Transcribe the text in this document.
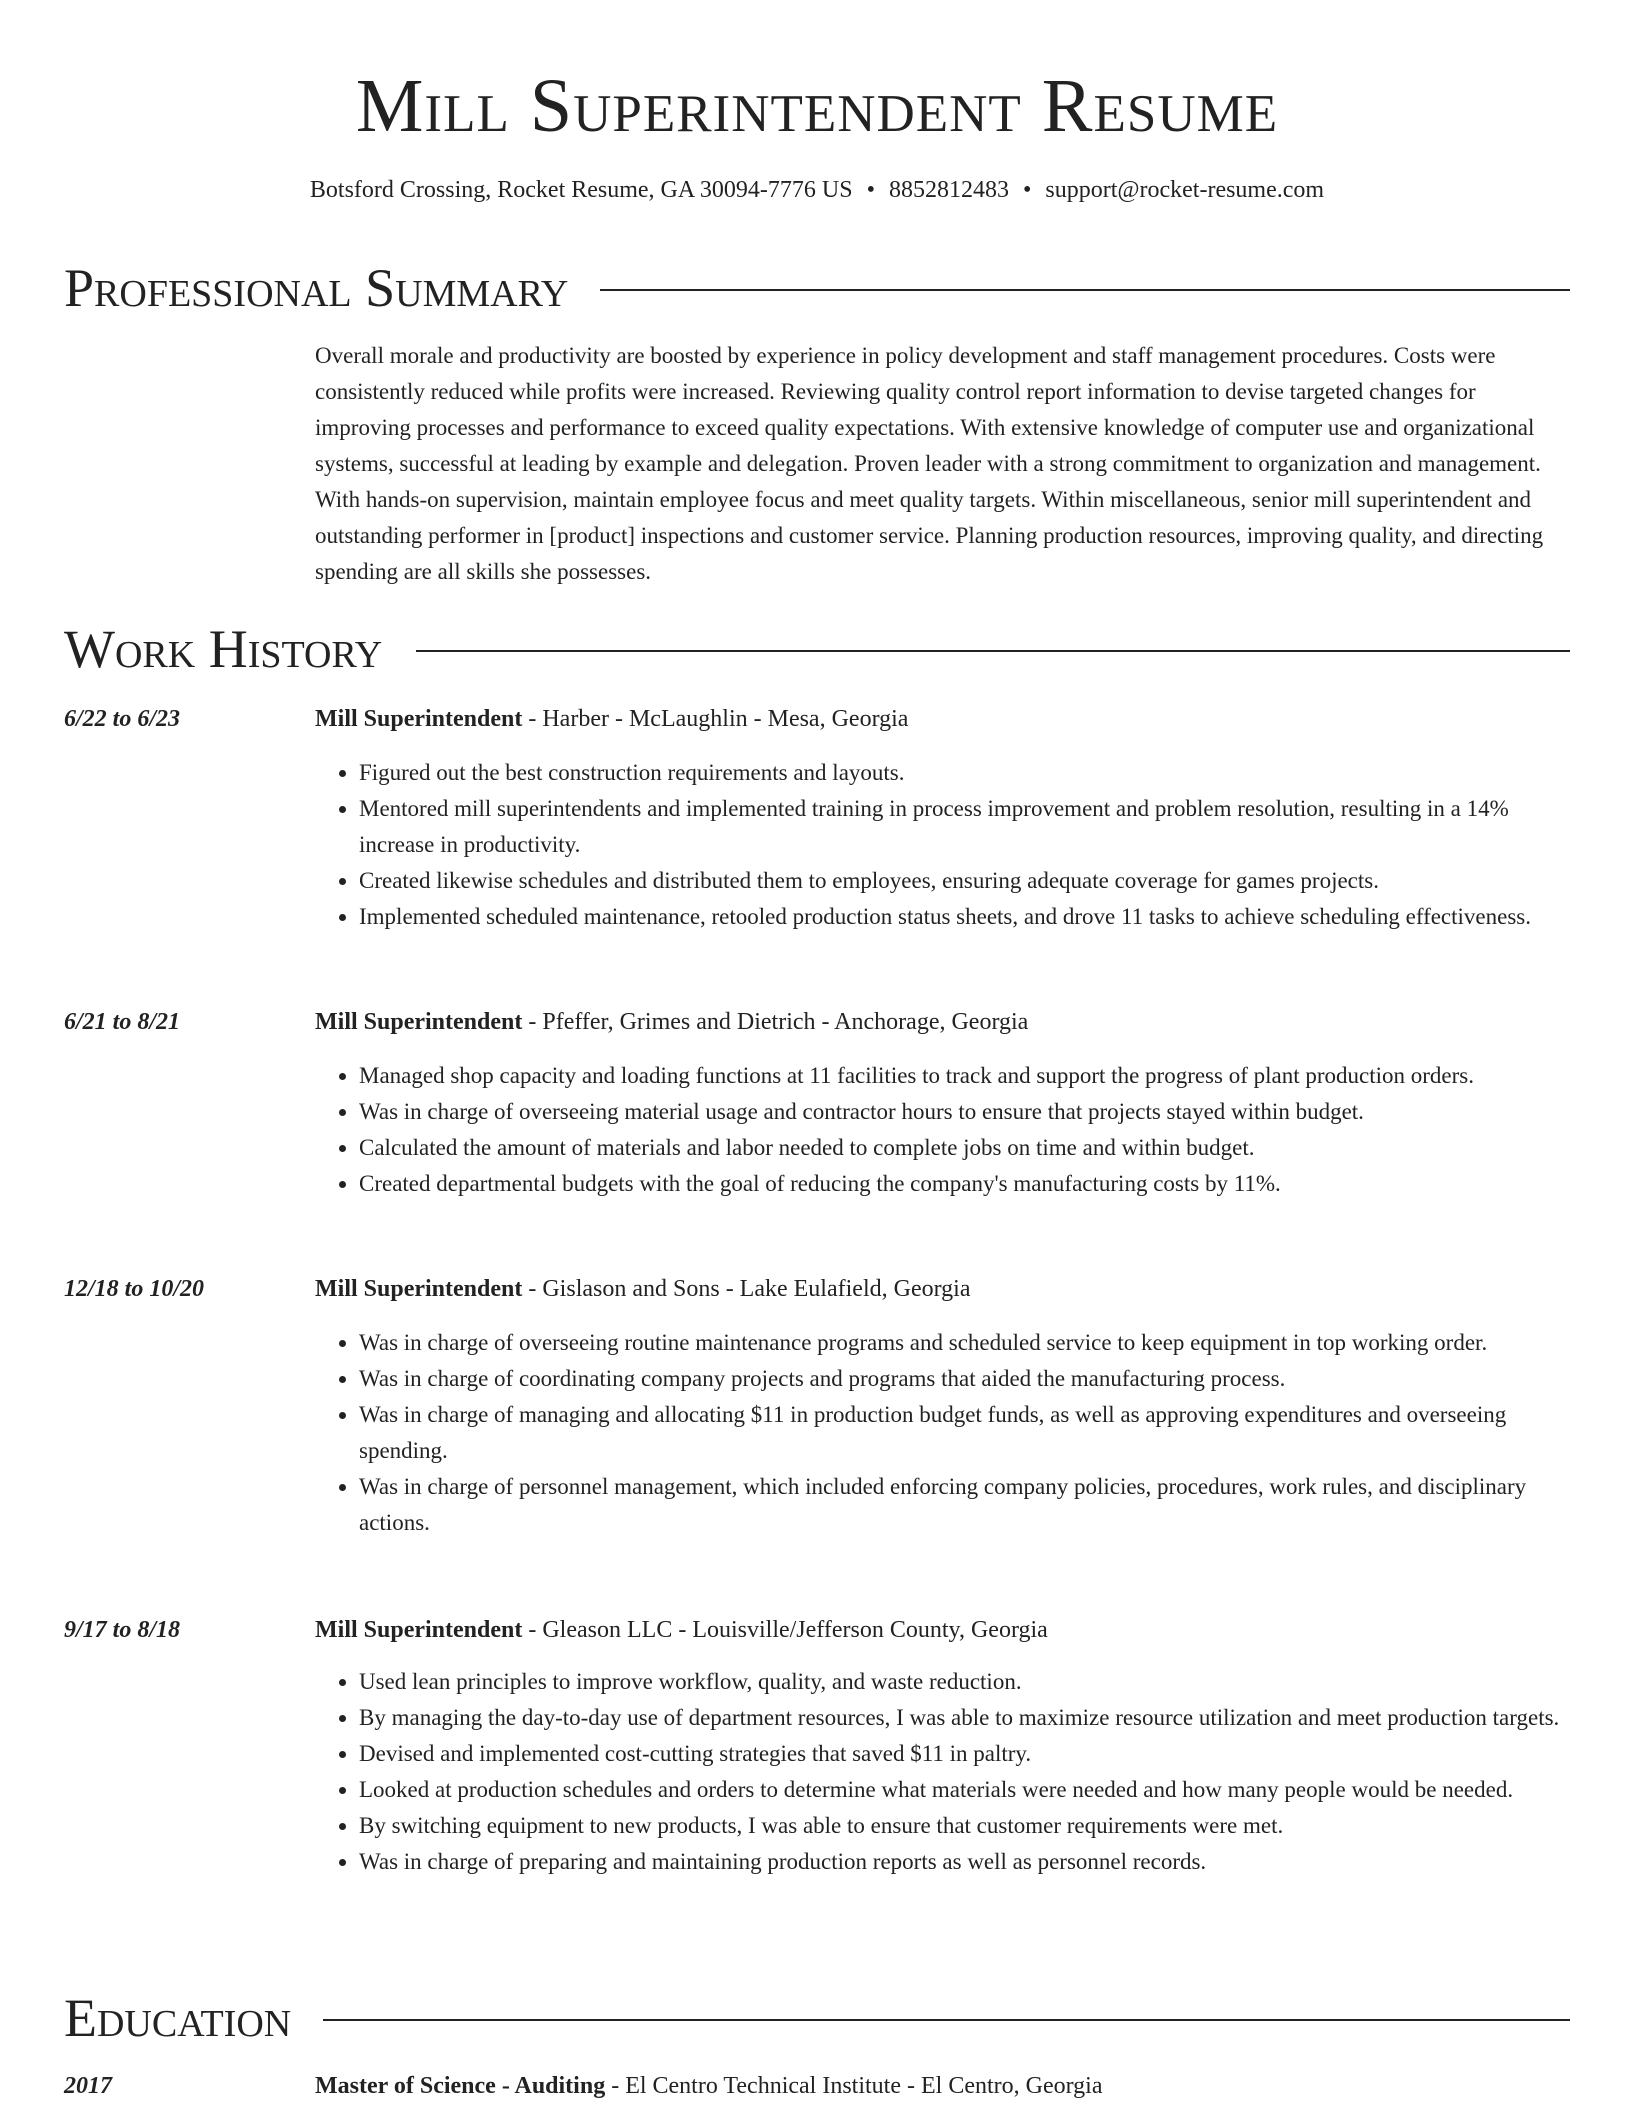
Mill Superintendent Resume

Botsford Crossing, Rocket Resume, GA 30094-7776 US • 8852812483 • support@rocket-resume.com

Professional Summary

Overall morale and productivity are boosted by experience in policy development and staff management procedures. Costs were consistently reduced while profits were increased. Reviewing quality control report information to devise targeted changes for improving processes and performance to exceed quality expectations. With extensive knowledge of computer use and organizational systems, successful at leading by example and delegation. Proven leader with a strong commitment to organization and management. With hands-on supervision, maintain employee focus and meet quality targets. Within miscellaneous, senior mill superintendent and outstanding performer in [product] inspections and customer service. Planning production resources, improving quality, and directing spending are all skills she possesses.

Work History
6/22 to 6/23	Mill Superintendent - Harber - McLaughlin - Mesa, Georgia
• Figured out the best construction requirements and layouts.
• Mentored mill superintendents and implemented training in process improvement and problem resolution, resulting in a 14% increase in productivity.
• Created likewise schedules and distributed them to employees, ensuring adequate coverage for games projects.
• Implemented scheduled maintenance, retooled production status sheets, and drove 11 tasks to achieve scheduling effectiveness.
6/21 to 8/21	Mill Superintendent - Pfeffer, Grimes and Dietrich - Anchorage, Georgia
• Managed shop capacity and loading functions at 11 facilities to track and support the progress of plant production orders.
• Was in charge of overseeing material usage and contractor hours to ensure that projects stayed within budget.
• Calculated the amount of materials and labor needed to complete jobs on time and within budget.
• Created departmental budgets with the goal of reducing the company's manufacturing costs by 11%.
12/18 to 10/20	Mill Superintendent - Gislason and Sons - Lake Eulafield, Georgia
• Was in charge of overseeing routine maintenance programs and scheduled service to keep equipment in top working order.
• Was in charge of coordinating company projects and programs that aided the manufacturing process.
• Was in charge of managing and allocating $11 in production budget funds, as well as approving expenditures and overseeing spending.
• Was in charge of personnel management, which included enforcing company policies, procedures, work rules, and disciplinary actions.
9/17 to 8/18	Mill Superintendent - Gleason LLC - Louisville/Jefferson County, Georgia
• Used lean principles to improve workflow, quality, and waste reduction.
• By managing the day-to-day use of department resources, I was able to maximize resource utilization and meet production targets.
• Devised and implemented cost-cutting strategies that saved $11 in paltry.
• Looked at production schedules and orders to determine what materials were needed and how many people would be needed.
• By switching equipment to new products, I was able to ensure that customer requirements were met.
• Was in charge of preparing and maintaining production reports as well as personnel records.
Education
2017	Master of Science - Auditing - El Centro Technical Institute - El Centro, Georgia
